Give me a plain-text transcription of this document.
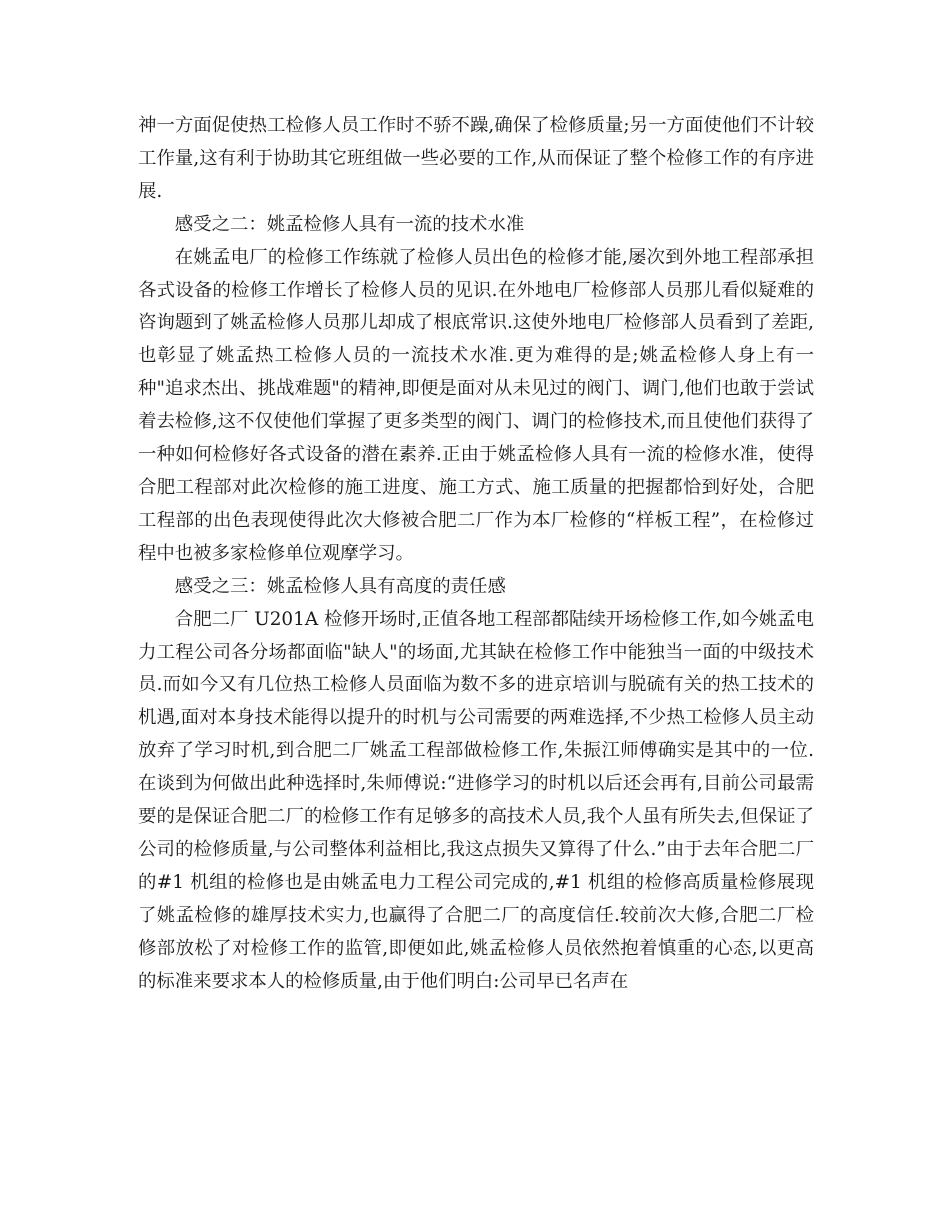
神一方面促使热工检修人员工作时不骄不躁,确保了检修质量;另一方面使他们不计较工作量,这有利于协助其它班组做一些必要的工作,从而保证了整个检修工作的有序进展.

感受之二：姚孟检修人具有一流的技术水准

在姚孟电厂的检修工作练就了检修人员出色的检修才能,屡次到外地工程部承担各式设备的检修工作增长了检修人员的见识.在外地电厂检修部人员那儿看似疑难的咨询题到了姚孟检修人员那儿却成了根底常识.这使外地电厂检修部人员看到了差距,也彰显了姚孟热工检修人员的一流技术水准.更为难得的是;姚孟检修人身上有一种"追求杰出、挑战难题"的精神,即便是面对从未见过的阀门、调门,他们也敢于尝试着去检修,这不仅使他们掌握了更多类型的阀门、调门的检修技术,而且使他们获得了一种如何检修好各式设备的潜在素养.正由于姚孟检修人具有一流的检修水准，使得合肥工程部对此次检修的施工进度、施工方式、施工质量的把握都恰到好处，合肥工程部的出色表现使得此次大修被合肥二厂作为本厂检修的“样板工程”，在检修过程中也被多家检修单位观摩学习。

感受之三：姚孟检修人具有高度的责任感

合肥二厂 U201A 检修开场时,正值各地工程部都陆续开场检修工作,如今姚孟电力工程公司各分场都面临"缺人"的场面,尤其缺在检修工作中能独当一面的中级技术员.而如今又有几位热工检修人员面临为数不多的进京培训与脱硫有关的热工技术的机遇,面对本身技术能得以提升的时机与公司需要的两难选择,不少热工检修人员主动放弃了学习时机,到合肥二厂姚孟工程部做检修工作,朱振江师傅确实是其中的一位.在谈到为何做出此种选择时,朱师傅说:“进修学习的时机以后还会再有,目前公司最需要的是保证合肥二厂的检修工作有足够多的高技术人员,我个人虽有所失去,但保证了公司的检修质量,与公司整体利益相比,我这点损失又算得了什么.”由于去年合肥二厂的#1 机组的检修也是由姚孟电力工程公司完成的,#1 机组的检修高质量检修展现了姚孟检修的雄厚技术实力,也赢得了合肥二厂的高度信任.较前次大修,合肥二厂检修部放松了对检修工作的监管,即便如此,姚孟检修人员依然抱着慎重的心态,以更高的标准来要求本人的检修质量,由于他们明白:公司早已名声在
